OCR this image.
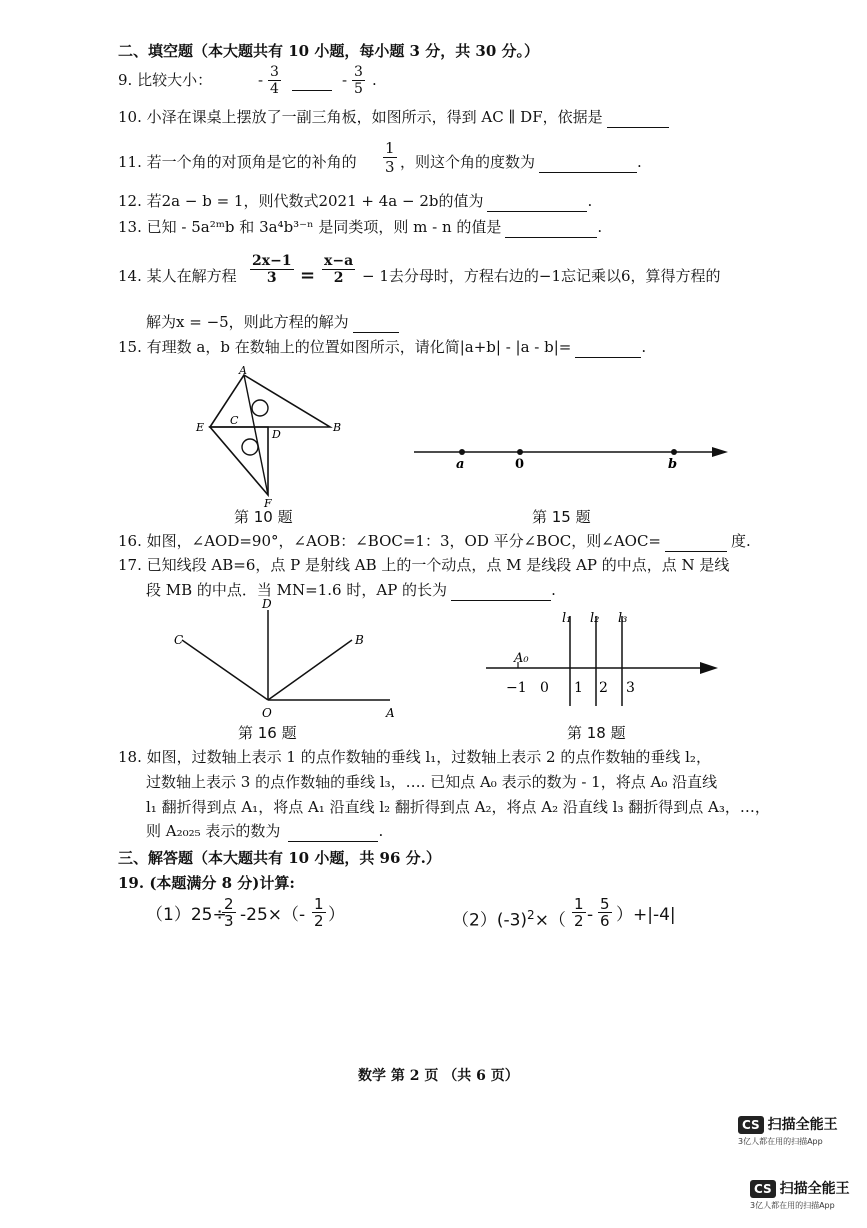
二、填空题（本大题共有 10 小题，每小题 3 分，共 30 分。）
9. 比较大小：	- $\frac{3}{4}$
	- $\frac{3}{5}$ .
10. 小泽在课桌上摆放了一副三角板，如图所示，得到 AC ∥ DF，依据是
11. 若一个角的对顶角是它的补角的 $\frac{1}{3}$ ，则这个角的度数为	.
12. 若2a − b = 1，则代数式2021 + 4a − 2b的值为	.
13. 已知 - 5a²ᵐb 和 3a⁴b³⁻ⁿ 是同类项，则 m - n 的值是	.
14. 某人在解方程 $\frac{2x-1}{3} = \frac{x-a}{2} - 1$去分母时，方程右边的−1忘记乘以6，算得方程的
解为x = −5，则此方程的解为
15. 有理数 a，b 在数轴上的位置如图所示，请化简|a+b| - |a - b|=	.
A
B
C
D
E
F
第 10 题
a	0	b
第 15 题
16. 如图，∠AOD=90°，∠AOB：∠BOC=1：3，OD 平分∠BOC，则∠AOC=	度.
17. 已知线段 AB=6，点 P 是射线 AB 上的一个动点，点 M 是线段 AP 的中点，点 N 是线
段 MB 的中点．当 MN=1.6 时，AP 的长为	.
D
C	B
O	A
第 16 题
l₁ l₂ l₃
A₀
−1 0 1 2 3
第 18 题
18. 如图，过数轴上表示 1 的点作数轴的垂线 l₁，过数轴上表示 2 的点作数轴的垂线 l₂，
过数轴上表示 3 的点作数轴的垂线 l₃，…. 已知点 A₀ 表示的数为 - 1，将点 A₀ 沿直线
l₁ 翻折得到点 A₁，将点 A₁ 沿直线 l₂ 翻折得到点 A₂，将点 A₂ 沿直线 l₃ 翻折得到点 A₃，…，
则 A₂₀₂₅ 表示的数为	.
三、解答题（本大题共有 10 小题，共 96 分.）
19. (本题满分 8 分)计算:
（1）25÷
$\frac{2}{3} -25\times(- \frac{1}{2}$ ）	$(2)(-3)^2\times( \frac{1}{2} - \frac{5}{6} )+|-4|$
数学 第 2 页 （共 6 页）
CS 扫描全能王
3亿人都在用的扫描App
CS 扫描全能王
3亿人都在用的扫描App
